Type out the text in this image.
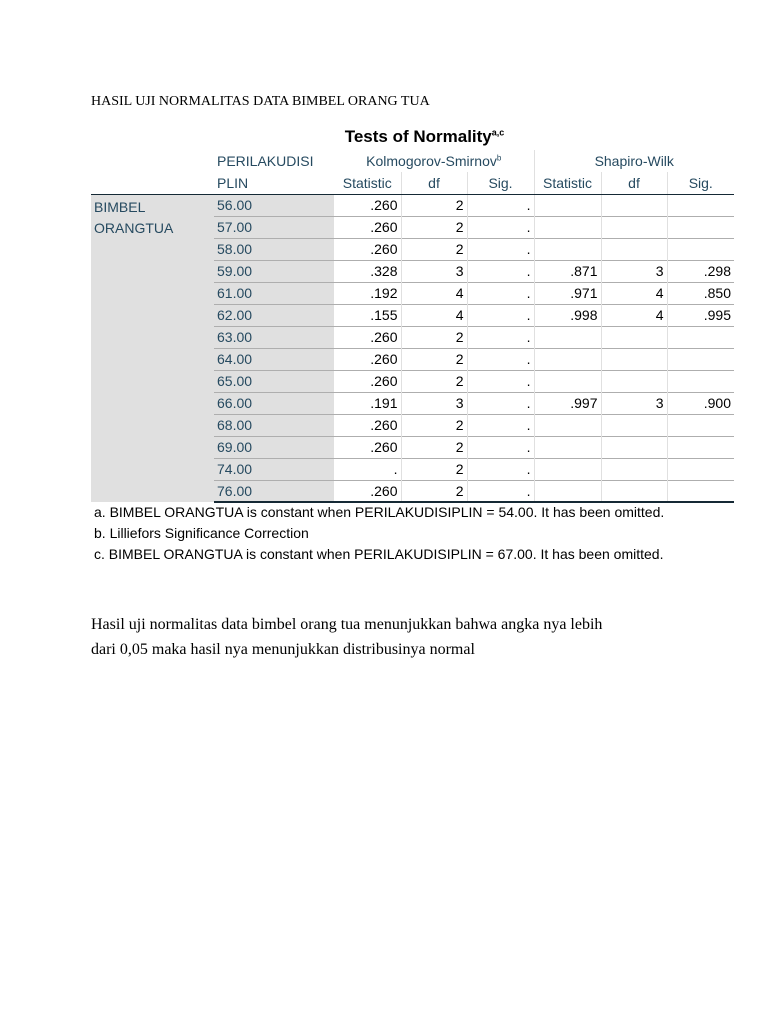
HASIL UJI NORMALITAS DATA BIMBEL ORANG TUA
Tests of Normality$^{a,c}$
	PERILAKUDISI	Kolmogorov-Smirnov$^b$			Shapiro-Wilk		
	PLIN	Statistic	df	Sig.	Statistic	df	Sig.

BIMBEL
ORANGTUA	56.00	.260	2	.			
	57.00	.260	2	.			
	58.00	.260	2	.			
	59.00	.328	3	.	.871	3	.298
	61.00	.192	4	.	.971	4	.850
	62.00	.155	4	.	.998	4	.995
	63.00	.260	2	.			
	64.00	.260	2	.			
	65.00	.260	2	.			
	66.00	.191	3	.	.997	3	.900
	68.00	.260	2	.			
	69.00	.260	2	.			
	74.00	.	2	.			
	76.00	.260	2	.			
a. BIMBEL ORANGTUA is constant when PERILAKUDISIPLIN = 54.00. It has been omitted.
b. Lilliefors Significance Correction
c. BIMBEL ORANGTUA is constant when PERILAKUDISIPLIN = 67.00. It has been omitted.
Hasil uji normalitas data bimbel orang tua menunjukkan bahwa angka nya lebih
dari 0,05 maka hasil nya menunjukkan distribusinya normal
